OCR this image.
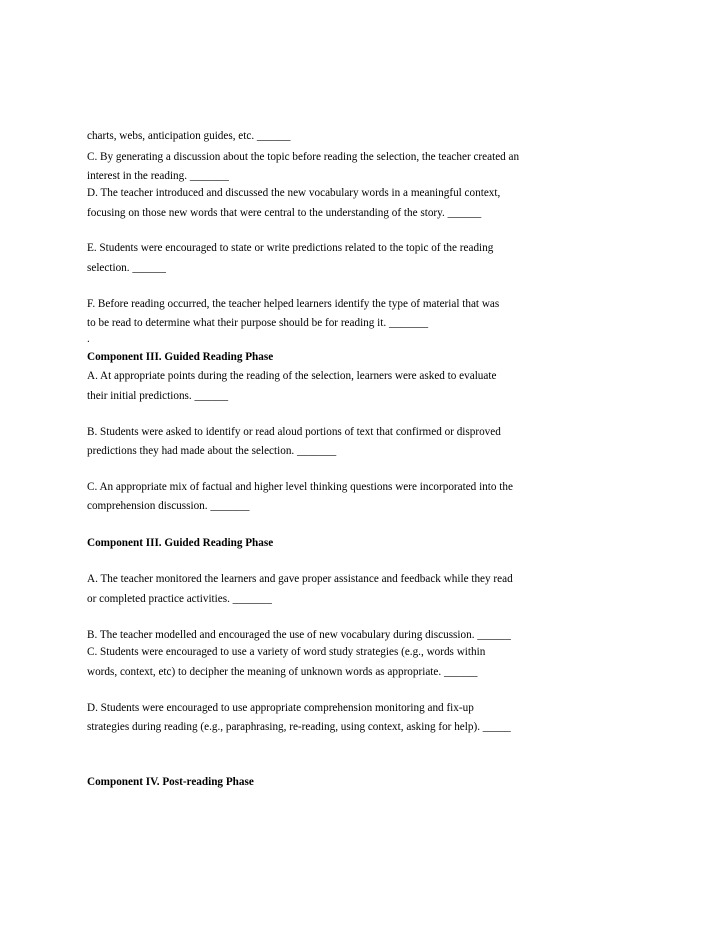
charts, webs, anticipation guides, etc. ______
C. By generating a discussion about the topic before reading the selection, the teacher created an
interest in the reading. _______
D. The teacher introduced and discussed the new vocabulary words in a meaningful context,
focusing on those new words that were central to the understanding of the story. ______
E. Students were encouraged to state or write predictions related to the topic of the reading
selection. ______
F. Before reading occurred, the teacher helped learners identify the type of material that was
to be read to determine what their purpose should be for reading it. _______
.
Component III. Guided Reading Phase
A. At appropriate points during the reading of the selection, learners were asked to evaluate
their initial predictions. ______
B. Students were asked to identify or read aloud portions of text that confirmed or disproved
predictions they had made about the selection. _______
C. An appropriate mix of factual and higher level thinking questions were incorporated into the
comprehension discussion. _______
Component III. Guided Reading Phase
A. The teacher monitored the learners and gave proper assistance and feedback while they read
or completed practice activities. _______
B. The teacher modelled and encouraged the use of new vocabulary during discussion. ______
C. Students were encouraged to use a variety of word study strategies (e.g., words within
words, context, etc) to decipher the meaning of unknown words as appropriate. ______
D. Students were encouraged to use appropriate comprehension monitoring and fix-up
strategies during reading (e.g., paraphrasing, re-reading, using context, asking for help). _____
Component IV. Post-reading Phase
